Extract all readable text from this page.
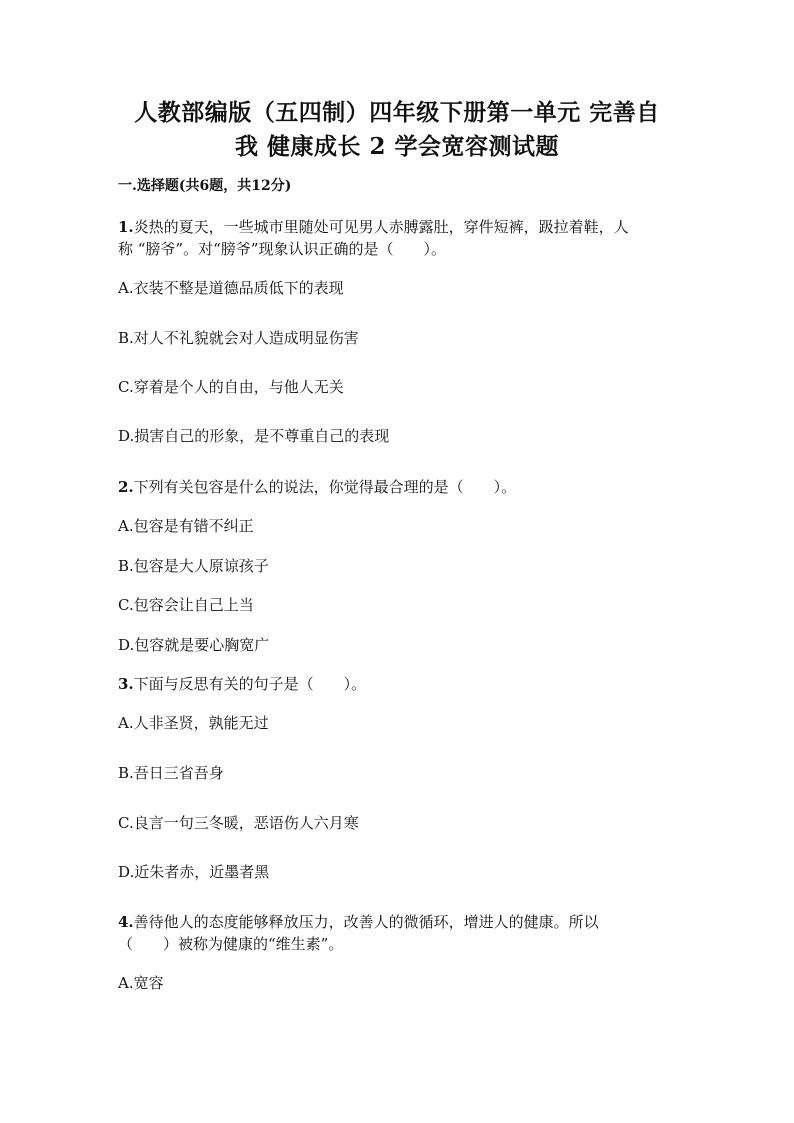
人教部编版（五四制）四年级下册第一单元 完善自
我 健康成长 2 学会宽容测试题
一.选择题(共6题，共12分)
1.炎热的夏天，一些城市里随处可见男人赤膊露肚，穿件短裤，趿拉着鞋，人
称 “膀爷”。对“膀爷”现象认识正确的是（　　）。
A.衣装不整是道德品质低下的表现
B.对人不礼貌就会对人造成明显伤害
C.穿着是个人的自由，与他人无关
D.损害自己的形象，是不尊重自己的表现
2.下列有关包容是什么的说法，你觉得最合理的是（　　）。
A.包容是有错不纠正
B.包容是大人原谅孩子
C.包容会让自己上当
D.包容就是要心胸宽广
3.下面与反思有关的句子是（　　）。
A.人非圣贤，孰能无过
B.吾日三省吾身
C.良言一句三冬暖，恶语伤人六月寒
D.近朱者赤，近墨者黑
4.善待他人的态度能够释放压力，改善人的微循环，增进人的健康。所以
（　　）被称为健康的“维生素”。
A.宽容
